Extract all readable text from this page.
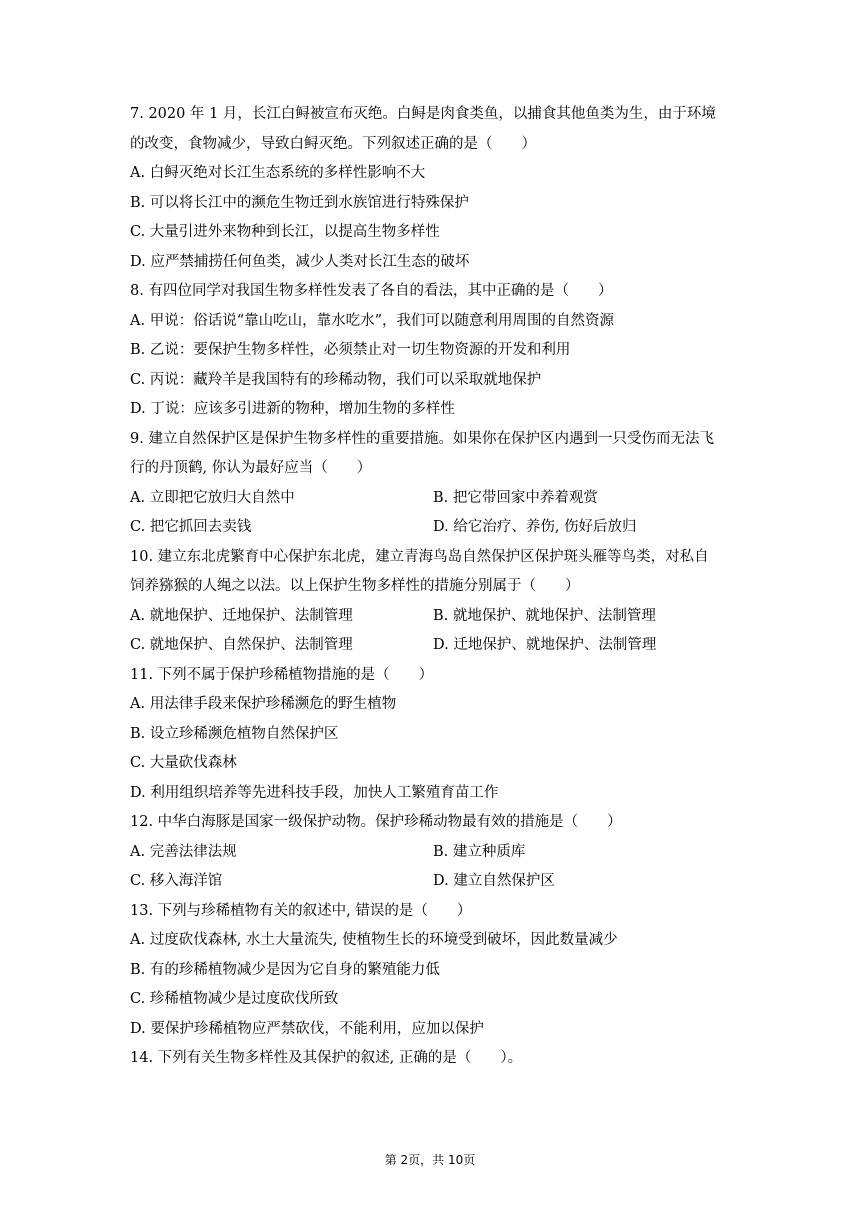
7. 2020 年 1 月，长江白鲟被宣布灭绝。白鲟是肉食类鱼，以捕食其他鱼类为生，由于环境
的改变，食物减少，导致白鲟灭绝。下列叙述正确的是（　　）
A. 白鲟灭绝对长江生态系统的多样性影响不大
B. 可以将长江中的濒危生物迁到水族馆进行特殊保护
C. 大量引进外来物种到长江，以提高生物多样性
D. 应严禁捕捞任何鱼类，减少人类对长江生态的破坏
8. 有四位同学对我国生物多样性发表了各自的看法，其中正确的是（　　）
A. 甲说：俗话说“靠山吃山，靠水吃水”，我们可以随意利用周围的自然资源
B. 乙说：要保护生物多样性，必须禁止对一切生物资源的开发和利用
C. 丙说：藏羚羊是我国特有的珍稀动物，我们可以采取就地保护
D. 丁说：应该多引进新的物种，增加生物的多样性
9. 建立自然保护区是保护生物多样性的重要措施。如果你在保护区内遇到一只受伤而无法飞
行的丹顶鹤, 你认为最好应当（　　）
A. 立即把它放归大自然中	B. 把它带回家中养着观赏
C. 把它抓回去卖钱	D. 给它治疗、养伤, 伤好后放归
10. 建立东北虎繁育中心保护东北虎，建立青海鸟岛自然保护区保护斑头雁等鸟类，对私自
饲养猕猴的人绳之以法。以上保护生物多样性的措施分别属于（　　）
A. 就地保护、迁地保护、法制管理	B. 就地保护、就地保护、法制管理
C. 就地保护、自然保护、法制管理	D. 迁地保护、就地保护、法制管理
11. 下列不属于保护珍稀植物措施的是（　　）
A. 用法律手段来保护珍稀濒危的野生植物
B. 设立珍稀濒危植物自然保护区
C. 大量砍伐森林
D. 利用组织培养等先进科技手段，加快人工繁殖育苗工作
12. 中华白海豚是国家一级保护动物。保护珍稀动物最有效的措施是（　　）
A. 完善法律法规	B. 建立种质库
C. 移入海洋馆	D. 建立自然保护区
13. 下列与珍稀植物有关的叙述中, 错误的是（　　）
A. 过度砍伐森林, 水土大量流失, 使植物生长的环境受到破坏，因此数量减少
B. 有的珍稀植物减少是因为它自身的繁殖能力低
C. 珍稀植物减少是过度砍伐所致
D. 要保护珍稀植物应严禁砍伐，不能利用，应加以保护
14. 下列有关生物多样性及其保护的叙述, 正确的是（　　）。
第 2页，共 10页
